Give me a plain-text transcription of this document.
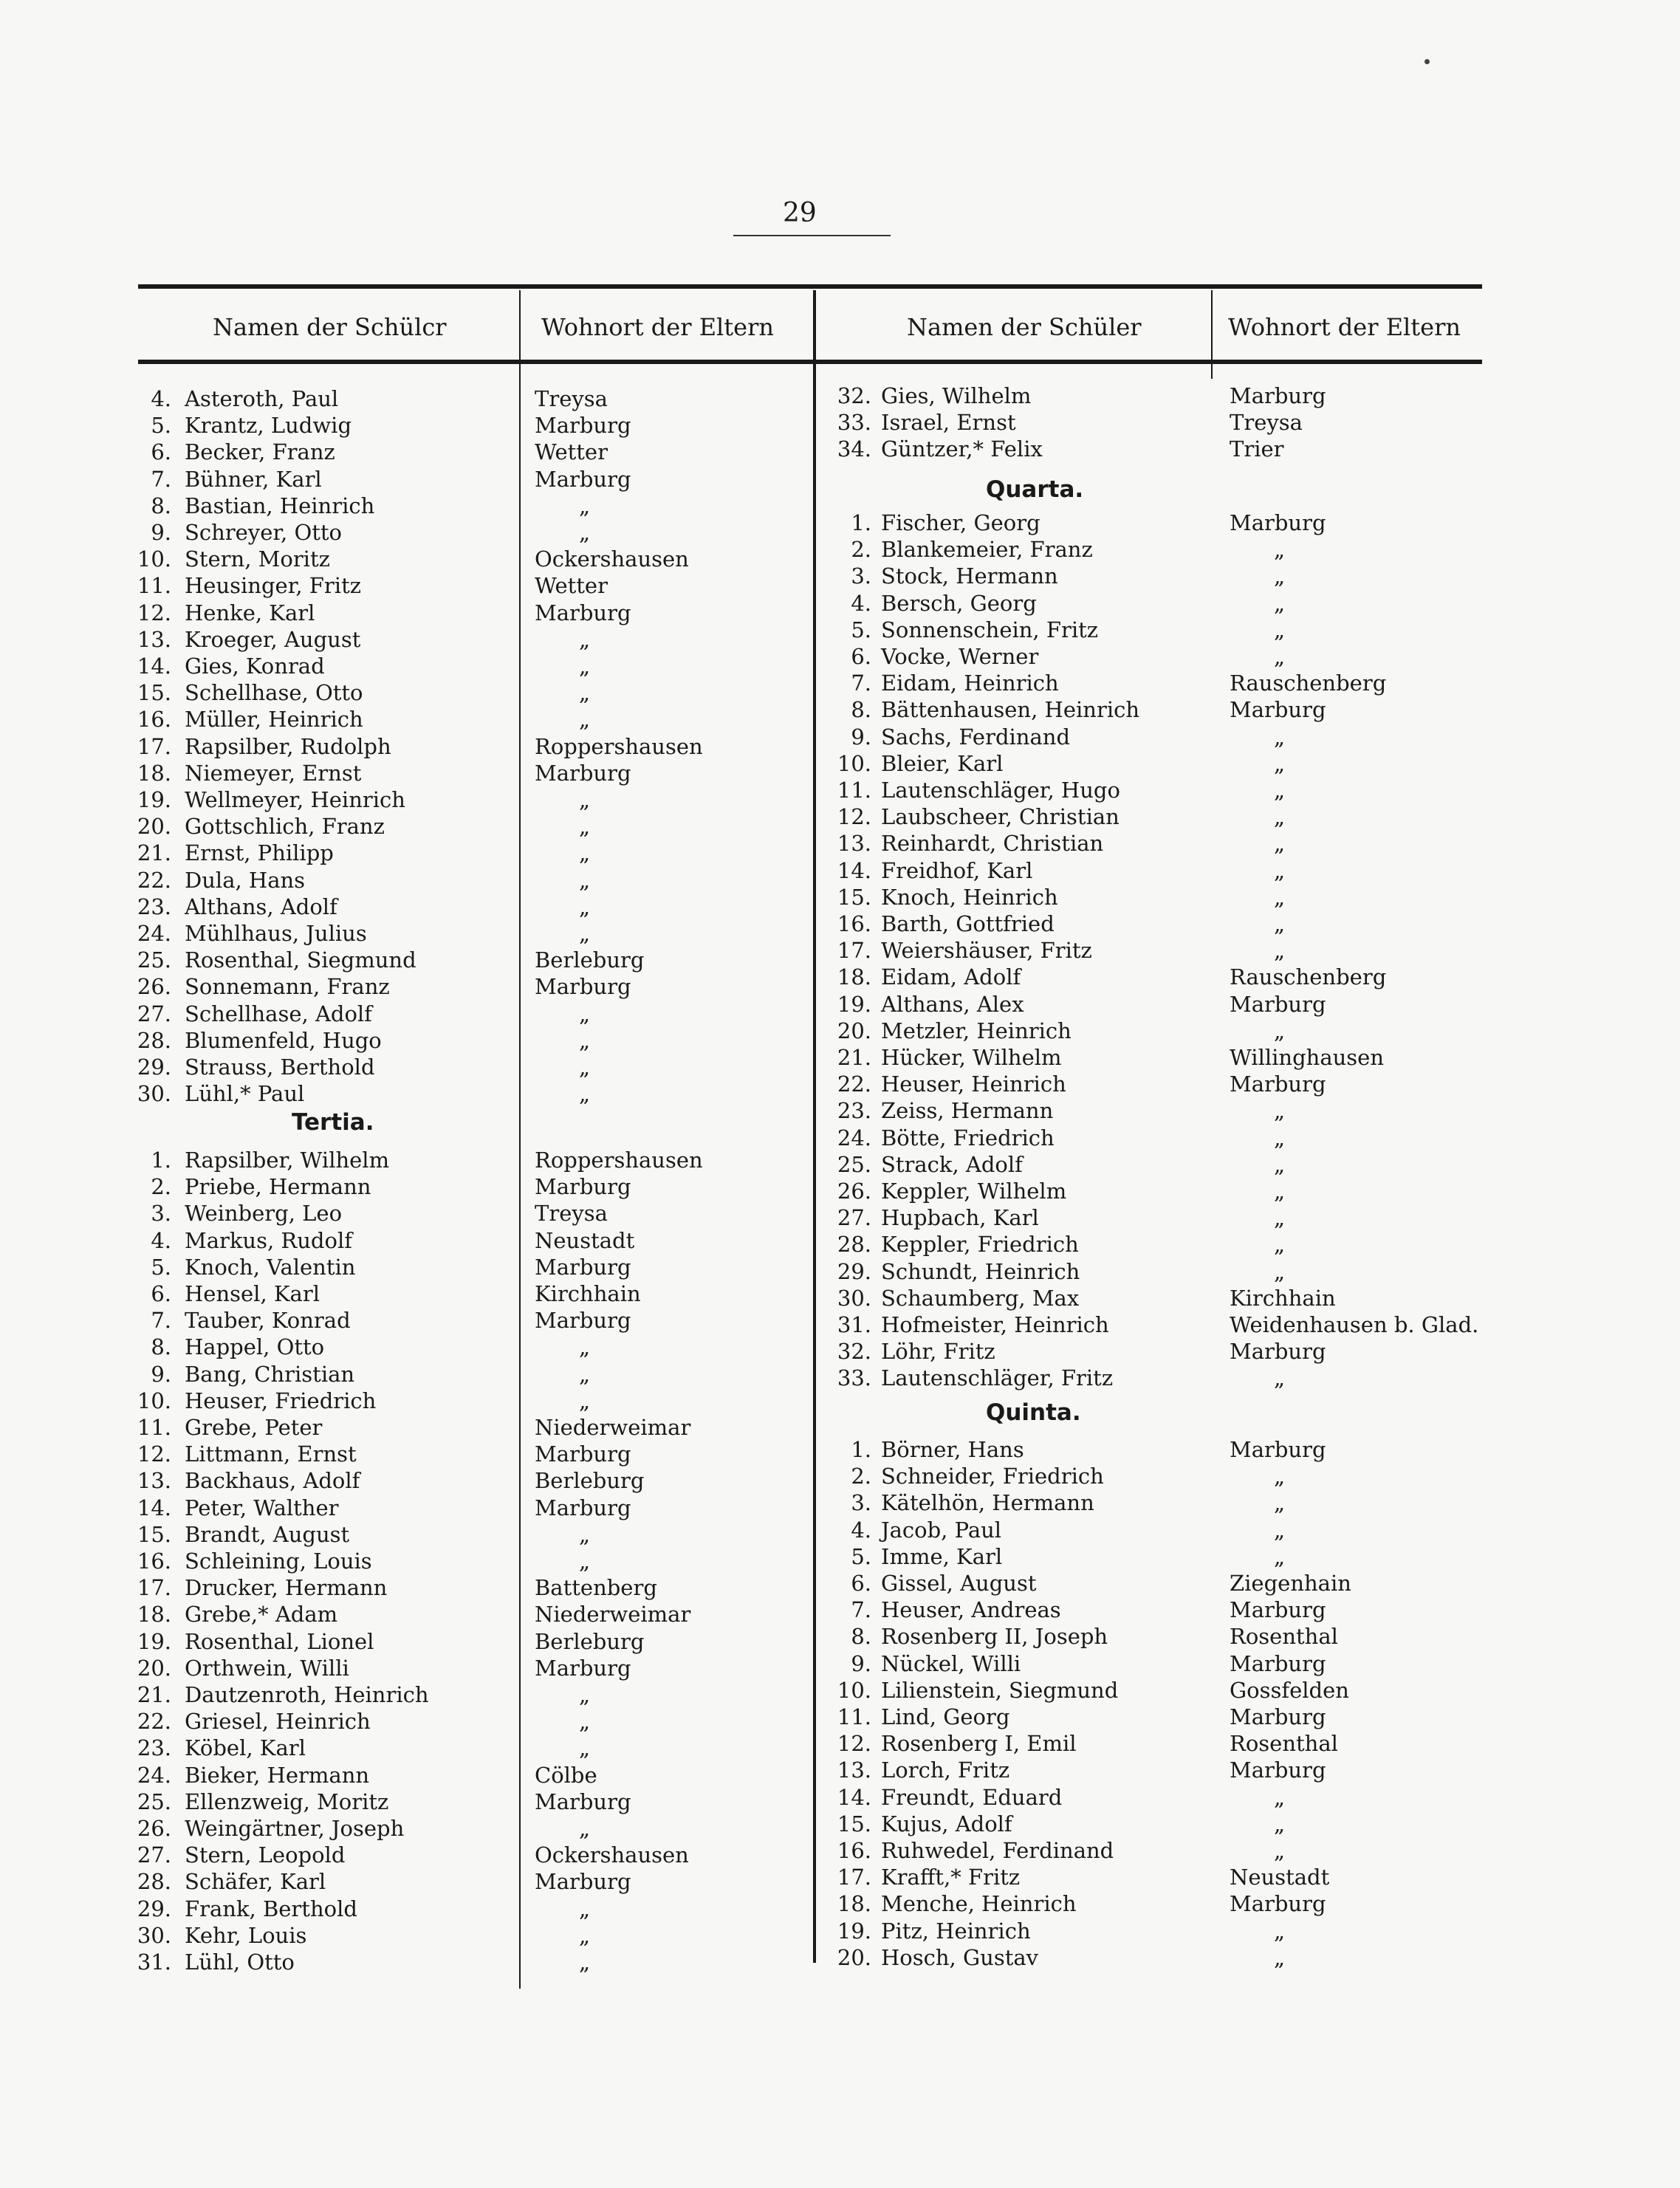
29
Namen der Schülcr	Wohnort der Eltern	Namen der Schüler	Wohnort der Eltern
4. Asteroth, Paul	Treysa
5. Krantz, Ludwig	Marburg
6. Becker, Franz	Wetter
7. Bühner, Karl	Marburg
8. Bastian, Heinrich	„
9. Schreyer, Otto	„
10. Stern, Moritz	Ockershausen
11. Heusinger, Fritz	Wetter
12. Henke, Karl	Marburg
13. Kroeger, August	„
14. Gies, Konrad	„
15. Schellhase, Otto	„
16. Müller, Heinrich	„
17. Rapsilber, Rudolph	Roppershausen
18. Niemeyer, Ernst	Marburg
19. Wellmeyer, Heinrich	„
20. Gottschlich, Franz	„
21. Ernst, Philipp	„
22. Dula, Hans	„
23. Althans, Adolf	„
24. Mühlhaus, Julius	„
25. Rosenthal, Siegmund	Berleburg
26. Sonnemann, Franz	Marburg
27. Schellhase, Adolf	„
28. Blumenfeld, Hugo	„
29. Strauss, Berthold	„
30. Lühl,* Paul	„
Tertia.
1. Rapsilber, Wilhelm	Roppershausen
2. Priebe, Hermann	Marburg
3. Weinberg, Leo	Treysa
4. Markus, Rudolf	Neustadt
5. Knoch, Valentin	Marburg
6. Hensel, Karl	Kirchhain
7. Tauber, Konrad	Marburg
8. Happel, Otto	„
9. Bang, Christian	„
10. Heuser, Friedrich	„
11. Grebe, Peter	Niederweimar
12. Littmann, Ernst	Marburg
13. Backhaus, Adolf	Berleburg
14. Peter, Walther	Marburg
15. Brandt, August	„
16. Schleining, Louis	„
17. Drucker, Hermann	Battenberg
18. Grebe,* Adam	Niederweimar
19. Rosenthal, Lionel	Berleburg
20. Orthwein, Willi	Marburg
21. Dautzenroth, Heinrich	„
22. Griesel, Heinrich	„
23. Köbel, Karl	„
24. Bieker, Hermann	Cölbe
25. Ellenzweig, Moritz	Marburg
26. Weingärtner, Joseph	„
27. Stern, Leopold	Ockershausen
28. Schäfer, Karl	Marburg
29. Frank, Berthold	„
30. Kehr, Louis	„
31. Lühl, Otto	„
32. Gies, Wilhelm	Marburg
33. Israel, Ernst	Treysa
34. Güntzer,* Felix	Trier
Quarta.
1. Fischer, Georg	Marburg
2. Blankemeier, Franz	„
3. Stock, Hermann	„
4. Bersch, Georg	„
5. Sonnenschein, Fritz	„
6. Vocke, Werner	„
7. Eidam, Heinrich	Rauschenberg
8. Bättenhausen, Heinrich	Marburg
9. Sachs, Ferdinand	„
10. Bleier, Karl	„
11. Lautenschläger, Hugo	„
12. Laubscheer, Christian	„
13. Reinhardt, Christian	„
14. Freidhof, Karl	„
15. Knoch, Heinrich	„
16. Barth, Gottfried	„
17. Weiershäuser, Fritz	„
18. Eidam, Adolf	Rauschenberg
19. Althans, Alex	Marburg
20. Metzler, Heinrich	„
21. Hücker, Wilhelm	Willinghausen
22. Heuser, Heinrich	Marburg
23. Zeiss, Hermann	„
24. Bötte, Friedrich	„
25. Strack, Adolf	„
26. Keppler, Wilhelm	„
27. Hupbach, Karl	„
28. Keppler, Friedrich	„
29. Schundt, Heinrich	„
30. Schaumberg, Max	Kirchhain
31. Hofmeister, Heinrich	Weidenhausen b. Glad.
32. Löhr, Fritz	Marburg
33. Lautenschläger, Fritz	„
Quinta.
1. Börner, Hans	Marburg
2. Schneider, Friedrich	„
3. Kätelhön, Hermann	„
4. Jacob, Paul	„
5. Imme, Karl	„
6. Gissel, August	Ziegenhain
7. Heuser, Andreas	Marburg
8. Rosenberg II, Joseph	Rosenthal
9. Nückel, Willi	Marburg
10. Lilienstein, Siegmund	Gossfelden
11. Lind, Georg	Marburg
12. Rosenberg I, Emil	Rosenthal
13. Lorch, Fritz	Marburg
14. Freundt, Eduard	„
15. Kujus, Adolf	„
16. Ruhwedel, Ferdinand	„
17. Krafft,* Fritz	Neustadt
18. Menche, Heinrich	Marburg
19. Pitz, Heinrich	„
20. Hosch, Gustav	„
